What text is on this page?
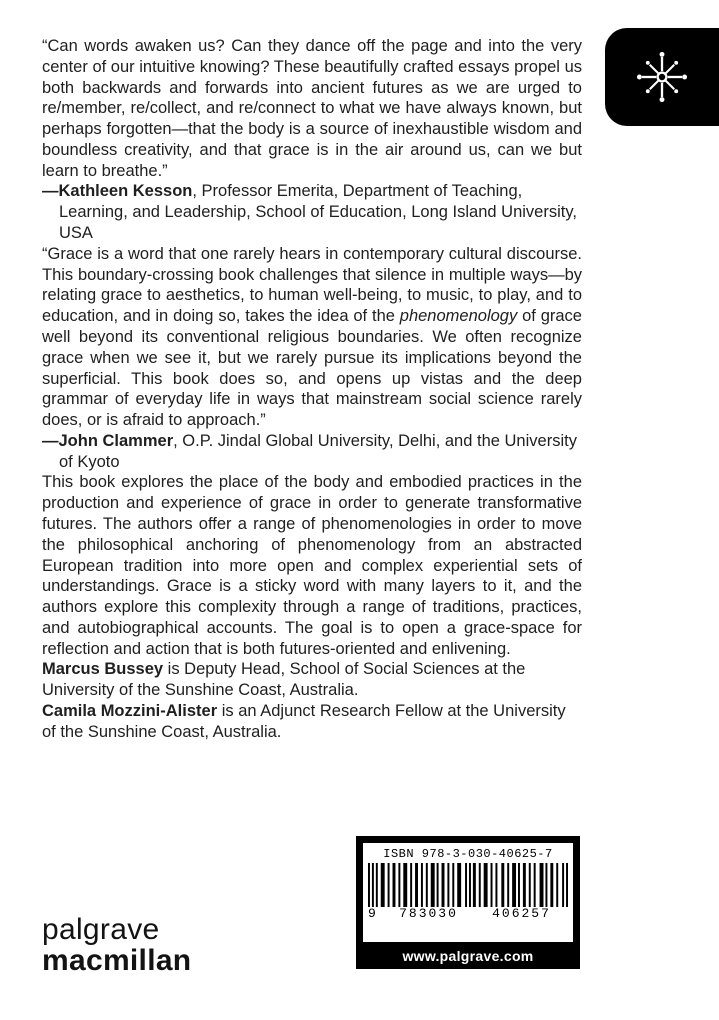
“Can words awaken us? Can they dance off the page and into the very center of our intuitive knowing? These beautifully crafted essays propel us both backwards and forwards into ancient futures as we are urged to re/member, re/collect, and re/connect to what we have always known, but perhaps forgotten—that the body is a source of inexhaustible wisdom and boundless creativity, and that grace is in the air around us, can we but learn to breathe.”

—Kathleen Kesson, Professor Emerita, Department of Teaching, Learning, and Leadership, School of Education, Long Island University, USA

“Grace is a word that one rarely hears in contemporary cultural discourse. This boundary-crossing book challenges that silence in multiple ways—by relating grace to aesthetics, to human well-being, to music, to play, and to education, and in doing so, takes the idea of the phenomenology of grace well beyond its conventional religious boundaries. We often recognize grace when we see it, but we rarely pursue its implications beyond the superficial. This book does so, and opens up vistas and the deep grammar of everyday life in ways that mainstream social science rarely does, or is afraid to approach.”

—John Clammer, O.P. Jindal Global University, Delhi, and the University of Kyoto

This book explores the place of the body and embodied practices in the production and experience of grace in order to generate transformative futures. The authors offer a range of phenomenologies in order to move the philosophical anchoring of phenomenology from an abstracted European tradition into more open and complex experiential sets of understandings. Grace is a sticky word with many layers to it, and the authors explore this complexity through a range of traditions, practices, and autobiographical accounts. The goal is to open a grace-space for reflection and action that is both futures-oriented and enlivening.

Marcus Bussey is Deputy Head, School of Social Sciences at the University of the Sunshine Coast, Australia.

Camila Mozzini-Alister is an Adjunct Research Fellow at the University of the Sunshine Coast, Australia.

palgrave
macmillan
ISBN 978-3-030-40625-7
9	783030	406257
www.palgrave.com
